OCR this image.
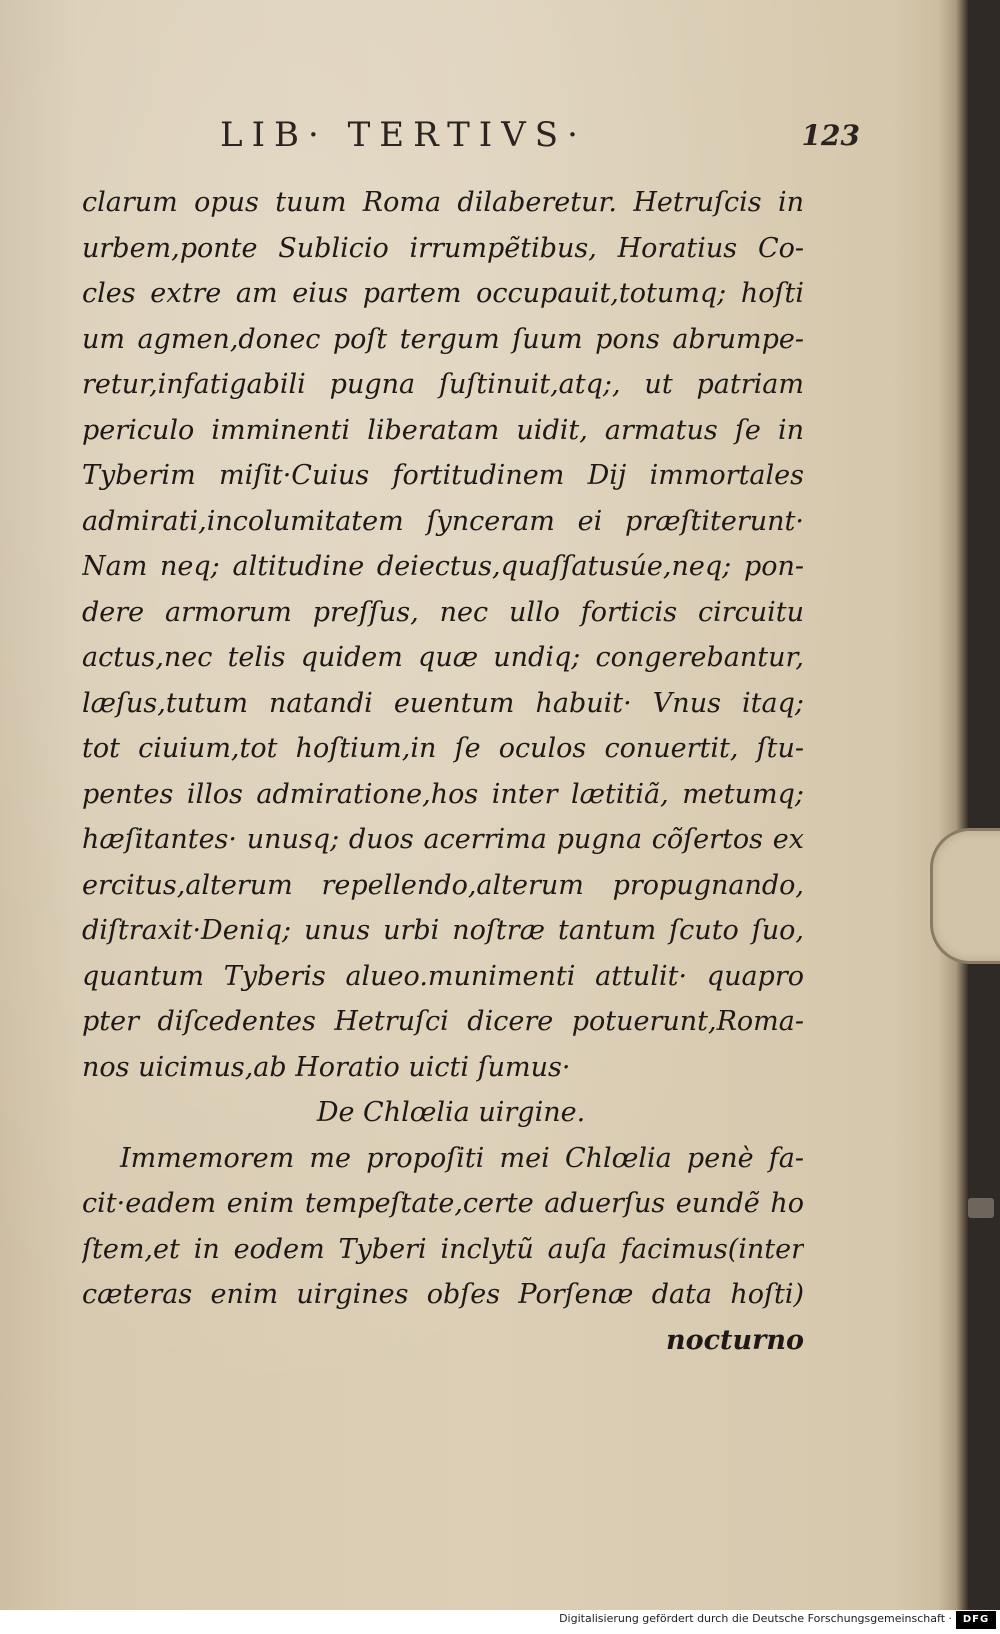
LIB· TERTIVS·	123
clarum opus tuum Roma dilaberetur. Hetruſcis in
urbem,ponte Sublicio irrumpẽtibus, Horatius Co-
cles extre am eius partem occupauit,totumq; hoſti
um agmen,donec poſt tergum ſuum pons abrumpe-
retur,infatigabili pugna ſuſtinuit,atq;, ut patriam
periculo imminenti liberatam uidit, armatus ſe in
Tyberim miſit·Cuius fortitudinem Dij immortales
admirati,incolumitatem ſynceram ei præſtiterunt·
Nam neq; altitudine deiectus,quaſſatusúe,neq; pon-
dere armorum preſſus, nec ullo forticis circuitu
actus,nec telis quidem quæ undiq; congerebantur,
læſus,tutum natandi euentum habuit· Vnus itaq;
tot ciuium,tot hoſtium,in ſe oculos conuertit, ſtu-
pentes illos admiratione,hos inter lætitiã, metumq;
hæſitantes· unusq; duos acerrima pugna cõſertos ex
ercitus,alterum repellendo,alterum propugnando,
diſtraxit·Deniq; unus urbi noſtræ tantum ſcuto ſuo,
quantum Tyberis alueo.munimenti attulit· quapro
pter diſcedentes Hetruſci dicere potuerunt,Roma-
nos uicimus,ab Horatio uicti ſumus·
De Chlœlia uirgine.
Immemorem me propoſiti mei Chlœlia penè fa-
cit·eadem enim tempeſtate,certe aduerſus eundẽ ho
ſtem,et in eodem Tyberi inclytũ auſa facimus(inter
cæteras enim uirgines obſes Porſenæ data hoſti)
nocturno
Digitalisierung gefördert durch die Deutsche Forschungsgemeinschaft ·	DFG
